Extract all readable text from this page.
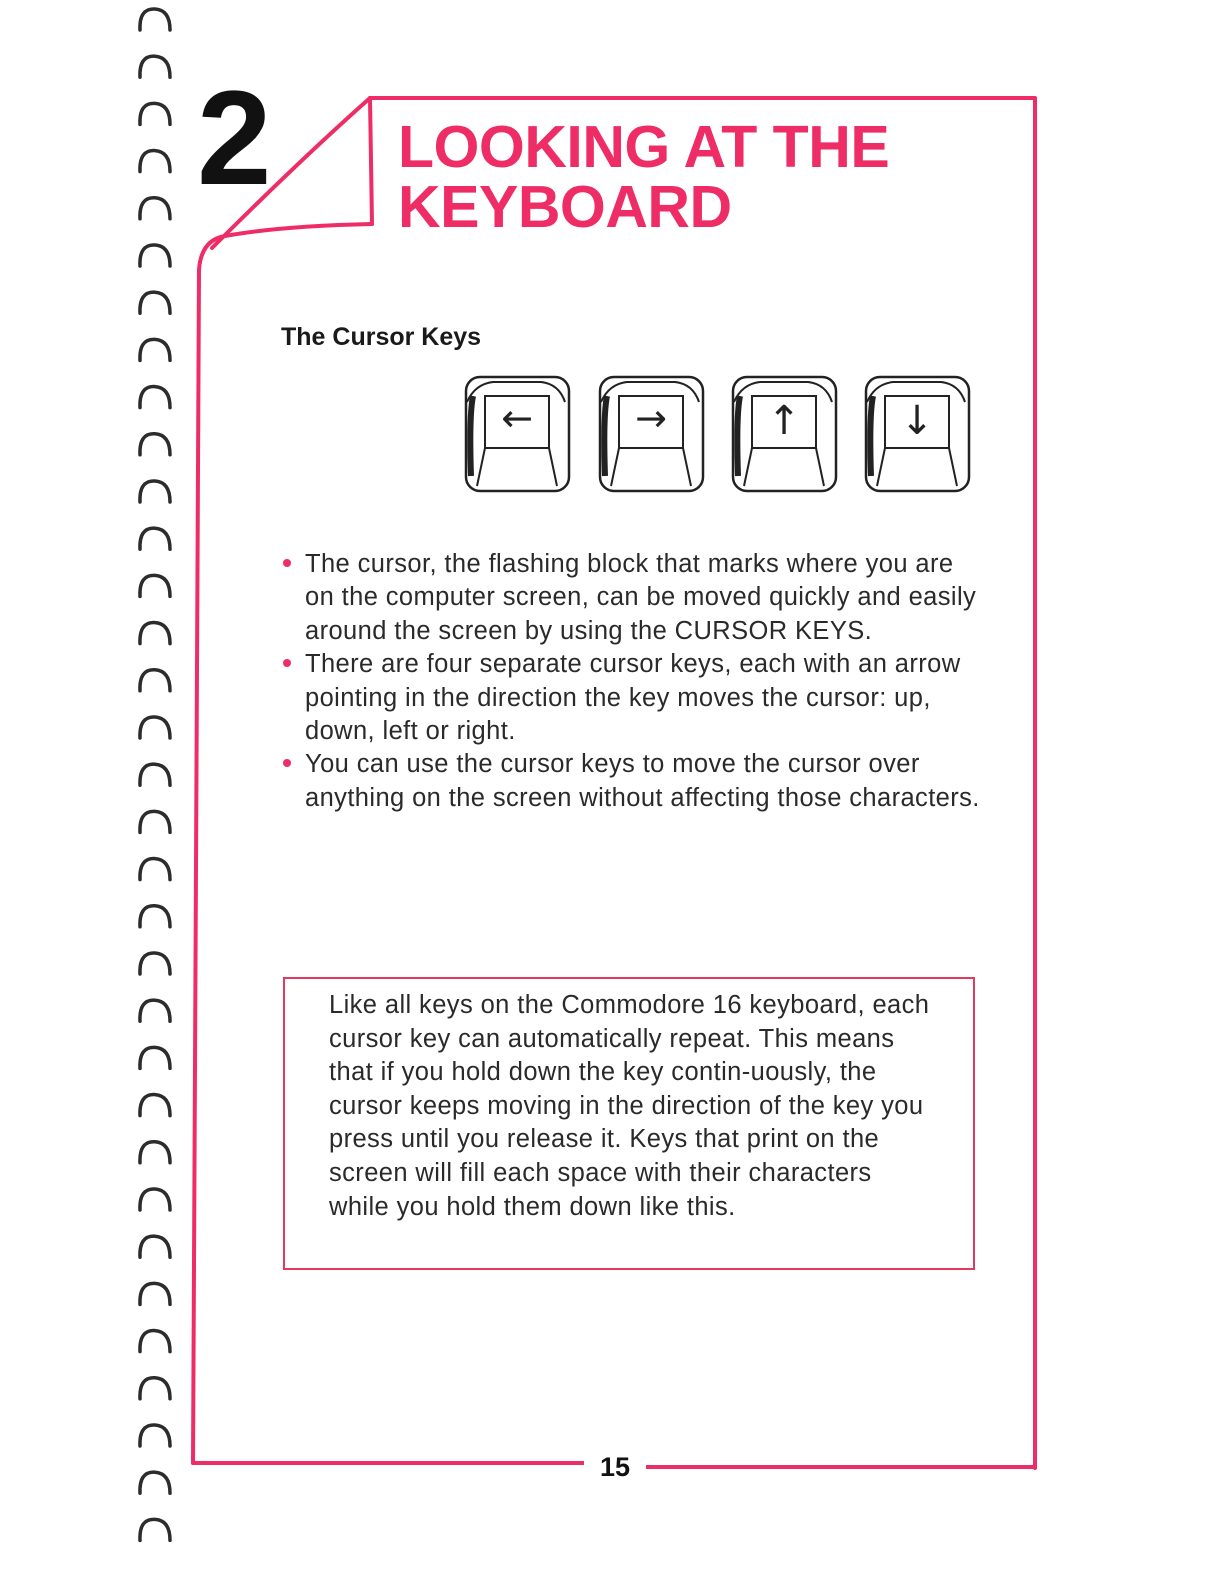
2 LOOKING AT THE
KEYBOARD
The Cursor Keys
←	→	↑ ↓
The cursor, the flashing block that marks where you are on the computer screen, can be moved quickly and easily around the screen by using the CURSOR KEYS.
There are four separate cursor keys, each with an arrow pointing in the direction the key moves the cursor: up, down, left or right.
You can use the cursor keys to move the cursor over anything on the screen without affecting those characters.

Like all keys on the Commodore 16 keyboard, each cursor key can automatically repeat. This means that if you hold down the key contin-uously, the cursor keeps moving in the direction of the key you press until you release it. Keys that print on the screen will fill each space with their characters while you hold them down like this.

15
